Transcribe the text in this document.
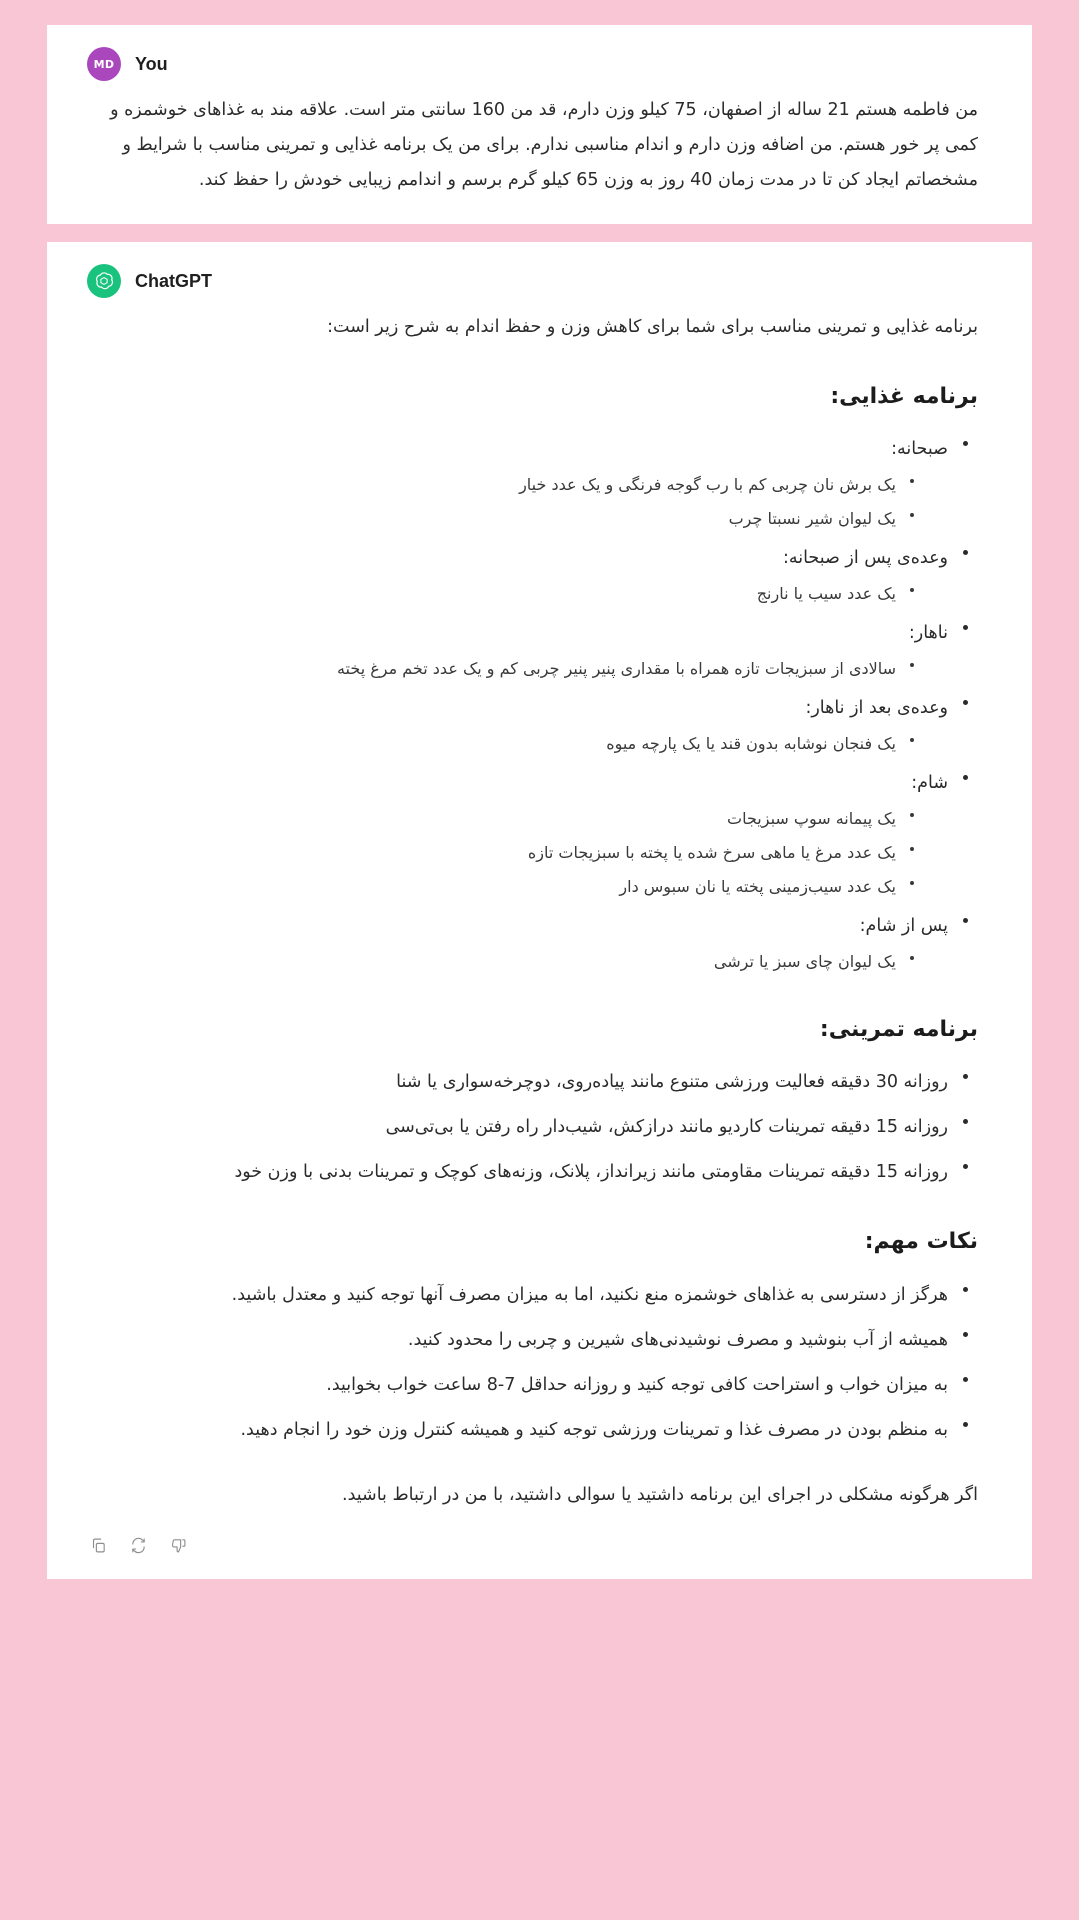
MD	You

من فاطمه هستم 21 ساله از اصفهان، 75 کیلو وزن دارم، قد من 160 سانتی متر است. علاقه مند به غذاهای خوشمزه و کمی پر خور هستم. من اضافه وزن دارم و اندام مناسبی ندارم. برای من یک برنامه غذایی و تمرینی مناسب با شرایط و مشخصاتم ایجاد کن تا در مدت زمان 40 روز به وزن 65 کیلو گرم برسم و اندامم زیبایی خودش را حفظ کند.

ChatGPT

برنامه غذایی و تمرینی مناسب برای شما برای کاهش وزن و حفظ اندام به شرح زیر است:

برنامه غذایی:
صبحانه:
یک برش نان چربی کم با رب گوجه فرنگی و یک عدد خیار
یک لیوان شیر نسبتا چرب
وعده‌ی پس از صبحانه:
یک عدد سیب یا نارنج
ناهار:
سالادی از سبزیجات تازه همراه با مقداری پنیر پنیر چربی کم و یک عدد تخم مرغ پخته
وعده‌ی بعد از ناهار:
یک فنجان نوشابه بدون قند یا یک پارچه میوه
شام:
یک پیمانه سوپ سبزیجات
یک عدد مرغ یا ماهی سرخ شده یا پخته با سبزیجات تازه
یک عدد سیب‌زمینی پخته یا نان سبوس دار
پس از شام:
یک لیوان چای سبز یا ترشی
برنامه تمرینی:
روزانه 30 دقیقه فعالیت ورزشی متنوع مانند پیاده‌روی، دوچرخه‌سواری یا شنا
روزانه 15 دقیقه تمرینات کاردیو مانند درازکش، شیب‌دار راه رفتن یا بی‌تی‌سی
روزانه 15 دقیقه تمرینات مقاومتی مانند زیرانداز، پلانک، وزنه‌های کوچک و تمرینات بدنی با وزن خود
نکات مهم:
هرگز از دسترسی به غذاهای خوشمزه منع نکنید، اما به میزان مصرف آنها توجه کنید و معتدل باشید.
همیشه از آب بنوشید و مصرف نوشیدنی‌های شیرین و چربی را محدود کنید.
به میزان خواب و استراحت کافی توجه کنید و روزانه حداقل 7-8 ساعت خواب بخوابید.
به منظم بودن در مصرف غذا و تمرینات ورزشی توجه کنید و همیشه کنترل وزن خود را انجام دهید.

اگر هرگونه مشکلی در اجرای این برنامه داشتید یا سوالی داشتید، با من در ارتباط باشید.
